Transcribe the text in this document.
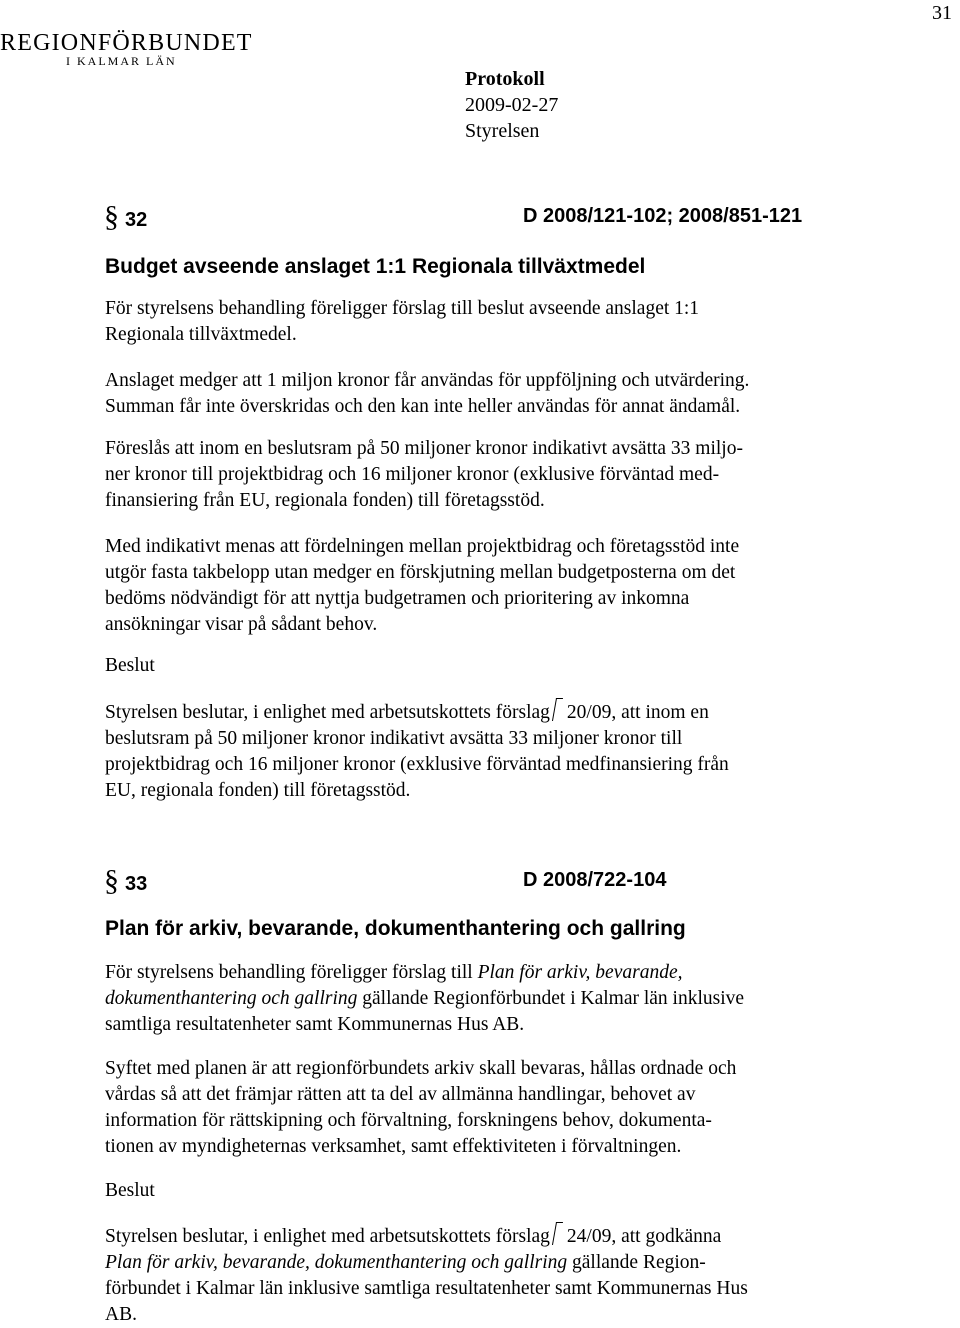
31
REGIONFÖRBUNDET
I KALMAR LÄN
Protokoll
2009-02-27
Styrelsen
§ 32	D 2008/121-102; 2008/851-121
Budget avseende anslaget 1:1 Regionala tillväxtmedel
För styrelsens behandling föreligger förslag till beslut avseende anslaget 1:1
Regionala tillväxtmedel.
Anslaget medger att 1 miljon kronor får användas för uppföljning och utvärdering.
Summan får inte överskridas och den kan inte heller användas för annat ändamål.
Föreslås att inom en beslutsram på 50 miljoner kronor indikativt avsätta 33 miljo-
ner kronor till projektbidrag och 16 miljoner kronor (exklusive förväntad med-
finansiering från EU, regionala fonden) till företagsstöd.
Med indikativt menas att fördelningen mellan projektbidrag och företagsstöd inte
utgör fasta takbelopp utan medger en förskjutning mellan budgetposterna om det
bedöms nödvändigt för att nyttja budgetramen och prioritering av inkomna
ansökningar visar på sådant behov.
Beslut
Styrelsen beslutar, i enlighet med arbetsutskottets förslag 20/09, att inom en
beslutsram på 50 miljoner kronor indikativt avsätta 33 miljoner kronor till
projektbidrag och 16 miljoner kronor (exklusive förväntad medfinansiering från
EU, regionala fonden) till företagsstöd.
§ 33	D 2008/722-104
Plan för arkiv, bevarande, dokumenthantering och gallring
För styrelsens behandling föreligger förslag till Plan för arkiv, bevarande,
dokumenthantering och gallring gällande Regionförbundet i Kalmar län inklusive
samtliga resultatenheter samt Kommunernas Hus AB.
Syftet med planen är att regionförbundets arkiv skall bevaras, hållas ordnade och
vårdas så att det främjar rätten att ta del av allmänna handlingar, behovet av
information för rättskipning och förvaltning, forskningens behov, dokumenta-
tionen av myndigheternas verksamhet, samt effektiviteten i förvaltningen.
Beslut
Styrelsen beslutar, i enlighet med arbetsutskottets förslag 24/09, att godkänna
Plan för arkiv, bevarande, dokumenthantering och gallring gällande Region-
förbundet i Kalmar län inklusive samtliga resultatenheter samt Kommunernas Hus
AB.
